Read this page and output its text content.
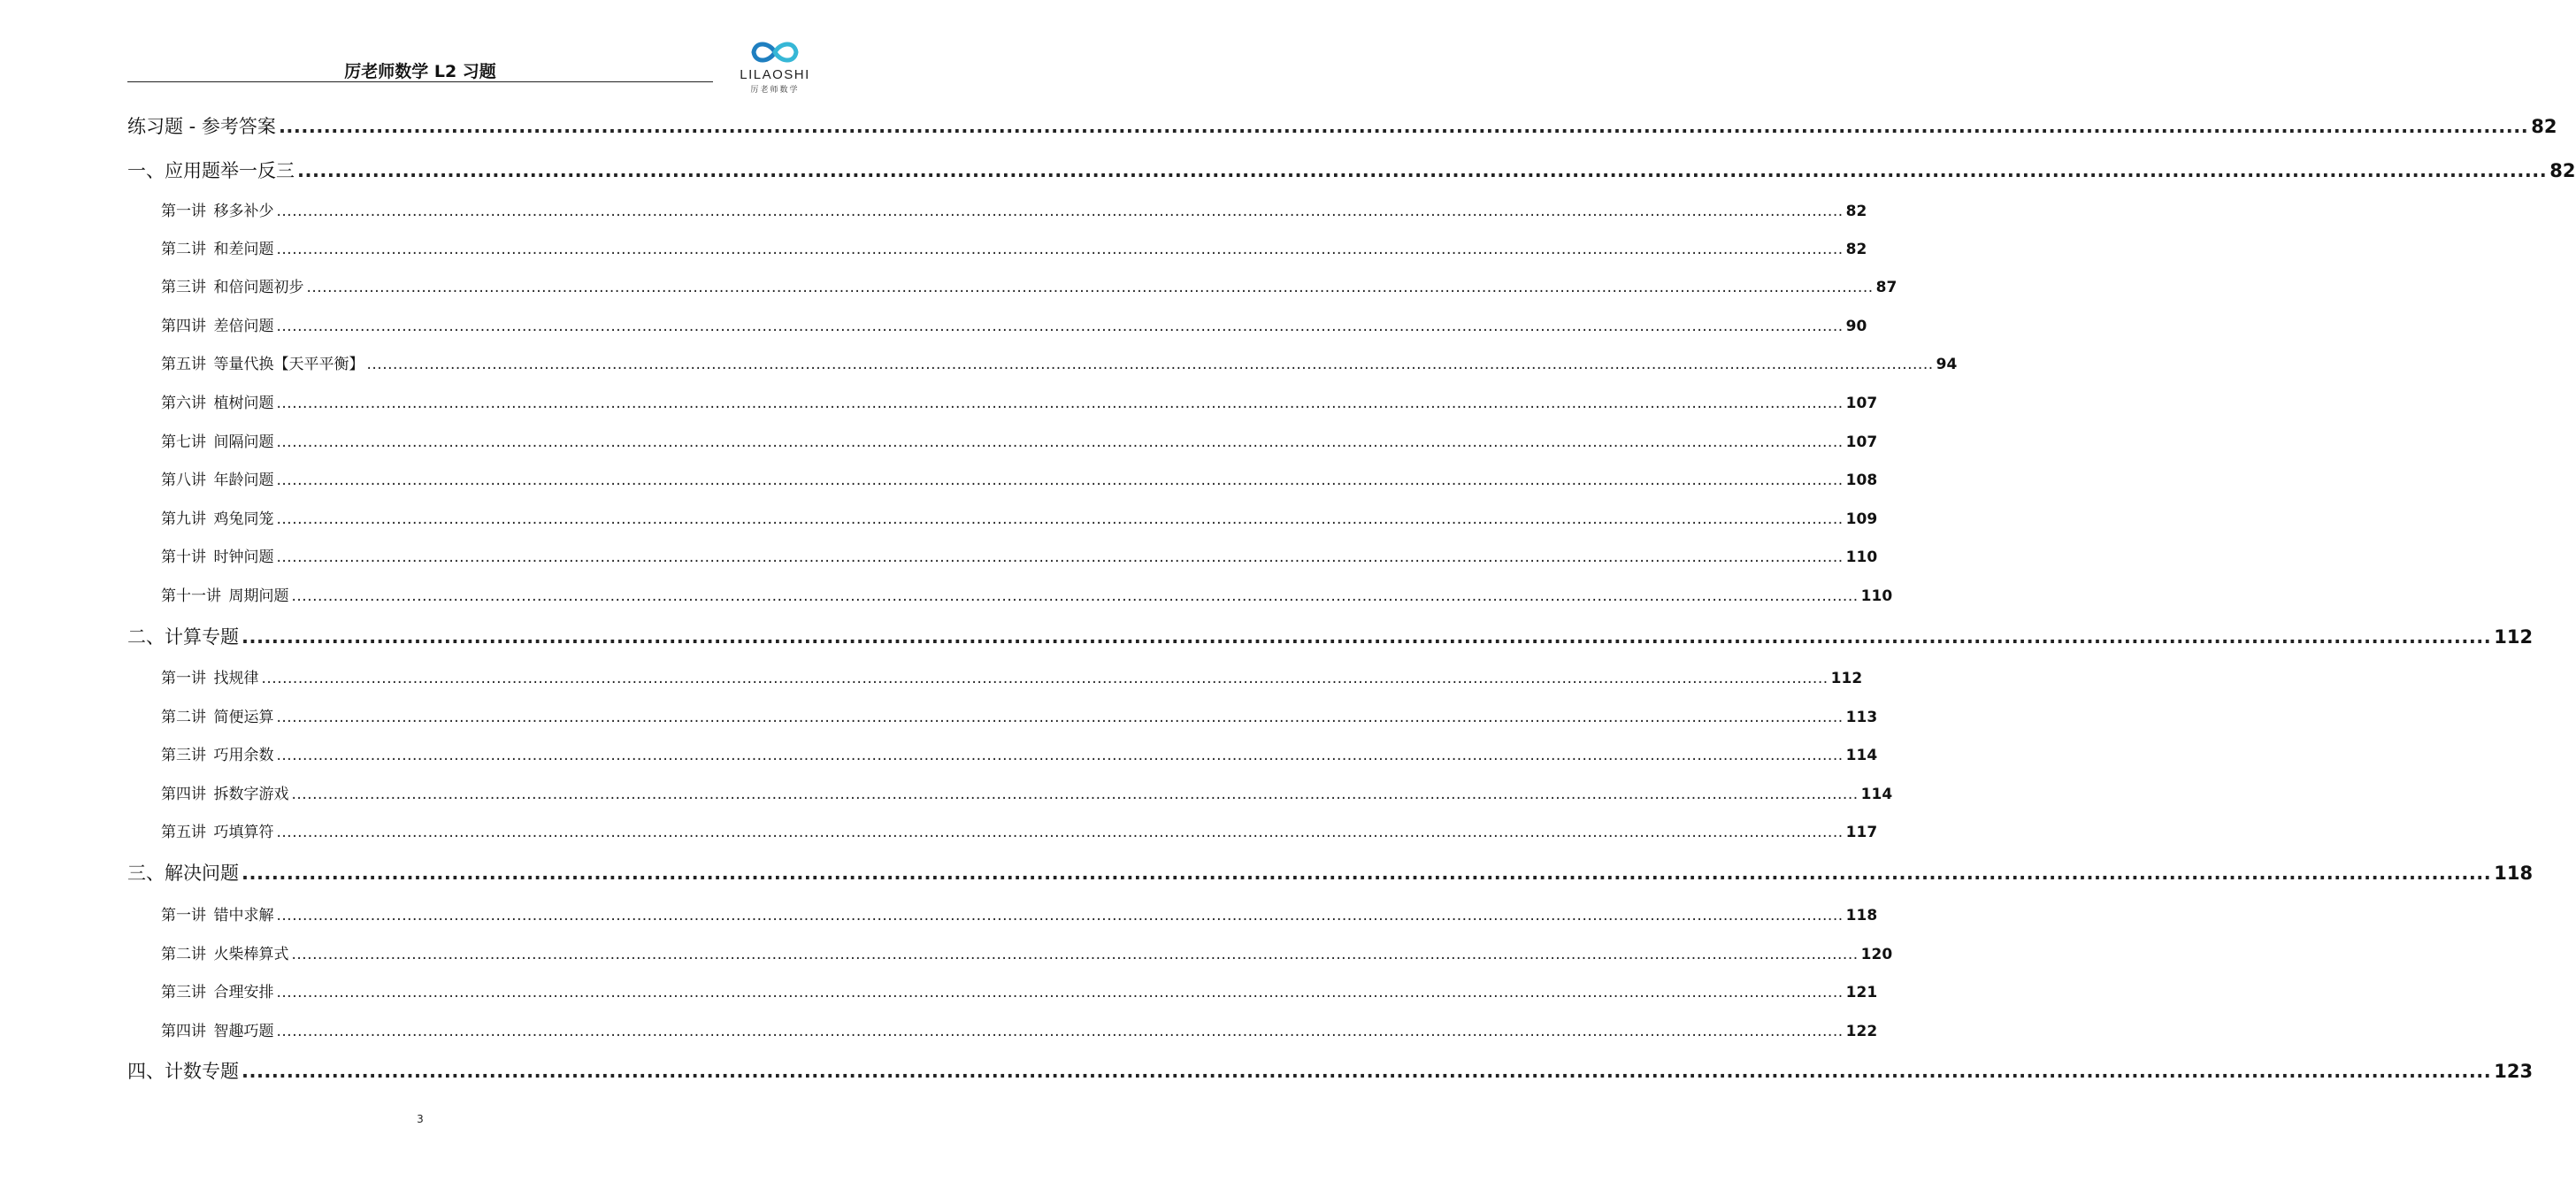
厉老师数学 L2 习题	LILAOSHI
厉老师数学
练习题 - 参考答案 ............................................................................................................................................................................................................................................................................................................ 82
一、应用题举一反三 ............................................................................................................................................................................................................................................................................................................ 82
第一讲 移多补少 ............................................................................................................................................................................................................................................................................................................ 82
第二讲 和差问题 ............................................................................................................................................................................................................................................................................................................ 82
第三讲 和倍问题初步 ............................................................................................................................................................................................................................................................................................................ 87
第四讲 差倍问题 ............................................................................................................................................................................................................................................................................................................ 90
第五讲 等量代换【天平平衡】 ............................................................................................................................................................................................................................................................................................................ 94
第六讲 植树问题 ............................................................................................................................................................................................................................................................................................................ 107
第七讲 间隔问题 ............................................................................................................................................................................................................................................................................................................ 107
第八讲 年龄问题 ............................................................................................................................................................................................................................................................................................................ 108
第九讲 鸡兔同笼 ............................................................................................................................................................................................................................................................................................................ 109
第十讲 时钟问题 ............................................................................................................................................................................................................................................................................................................ 110
第十一讲 周期问题 ............................................................................................................................................................................................................................................................................................................ 110
二、计算专题 ............................................................................................................................................................................................................................................................................................................ 112
第一讲 找规律 ............................................................................................................................................................................................................................................................................................................ 112
第二讲 简便运算 ............................................................................................................................................................................................................................................................................................................ 113
第三讲 巧用余数 ............................................................................................................................................................................................................................................................................................................ 114
第四讲 拆数字游戏 ............................................................................................................................................................................................................................................................................................................ 114
第五讲 巧填算符 ............................................................................................................................................................................................................................................................................................................ 117
三、解决问题 ............................................................................................................................................................................................................................................................................................................ 118
第一讲 错中求解 ............................................................................................................................................................................................................................................................................................................ 118
第二讲 火柴棒算式 ............................................................................................................................................................................................................................................................................................................ 120
第三讲 合理安排 ............................................................................................................................................................................................................................................................................................................ 121
第四讲 智趣巧题 ............................................................................................................................................................................................................................................................................................................ 122
四、计数专题 ............................................................................................................................................................................................................................................................................................................ 123
3
